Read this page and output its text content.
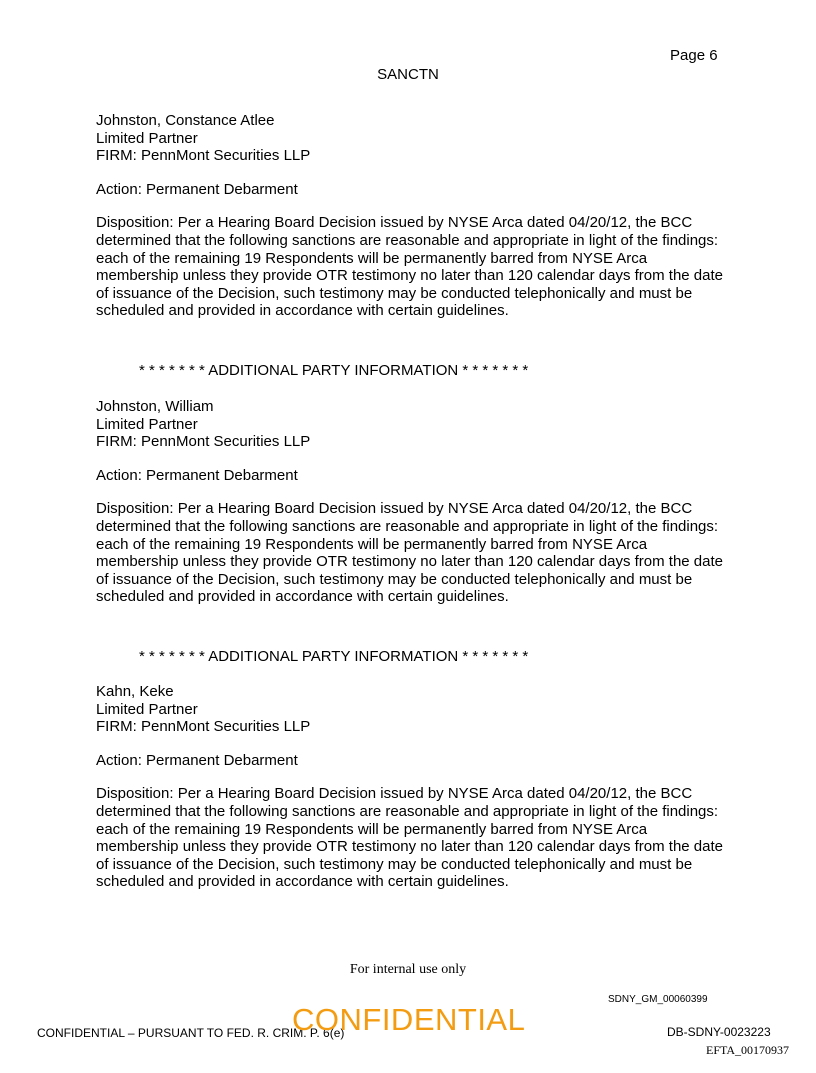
Page 6
SANCTN
Johnston, Constance Atlee
Limited Partner
FIRM: PennMont Securities LLP
Action: Permanent Debarment
Disposition: Per a Hearing Board Decision issued by NYSE Arca dated 04/20/12, the BCC determined that the following sanctions are reasonable and appropriate in light of the findings: each of the remaining 19 Respondents will be permanently barred from NYSE Arca membership unless they provide OTR testimony no later than 120 calendar days from the date of issuance of the Decision, such testimony may be conducted telephonically and must be scheduled and provided in accordance with certain guidelines.
* * * * * * * ADDITIONAL PARTY INFORMATION * * * * * * *
Johnston, William
Limited Partner
FIRM: PennMont Securities LLP
Action: Permanent Debarment
Disposition: Per a Hearing Board Decision issued by NYSE Arca dated 04/20/12, the BCC determined that the following sanctions are reasonable and appropriate in light of the findings: each of the remaining 19 Respondents will be permanently barred from NYSE Arca membership unless they provide OTR testimony no later than 120 calendar days from the date of issuance of the Decision, such testimony may be conducted telephonically and must be scheduled and provided in accordance with certain guidelines.
* * * * * * * ADDITIONAL PARTY INFORMATION * * * * * * *
Kahn, Keke
Limited Partner
FIRM: PennMont Securities LLP
Action: Permanent Debarment
Disposition: Per a Hearing Board Decision issued by NYSE Arca dated 04/20/12, the BCC determined that the following sanctions are reasonable and appropriate in light of the findings: each of the remaining 19 Respondents will be permanently barred from NYSE Arca membership unless they provide OTR testimony no later than 120 calendar days from the date of issuance of the Decision, such testimony may be conducted telephonically and must be scheduled and provided in accordance with certain guidelines.
For internal use only
SDNY_GM_00060399
CONFIDENTIAL – PURSUANT TO FED. R. CRIM. P. 6(e)
CONFIDENTIAL	DB-SDNY-0023223
EFTA_00170937
